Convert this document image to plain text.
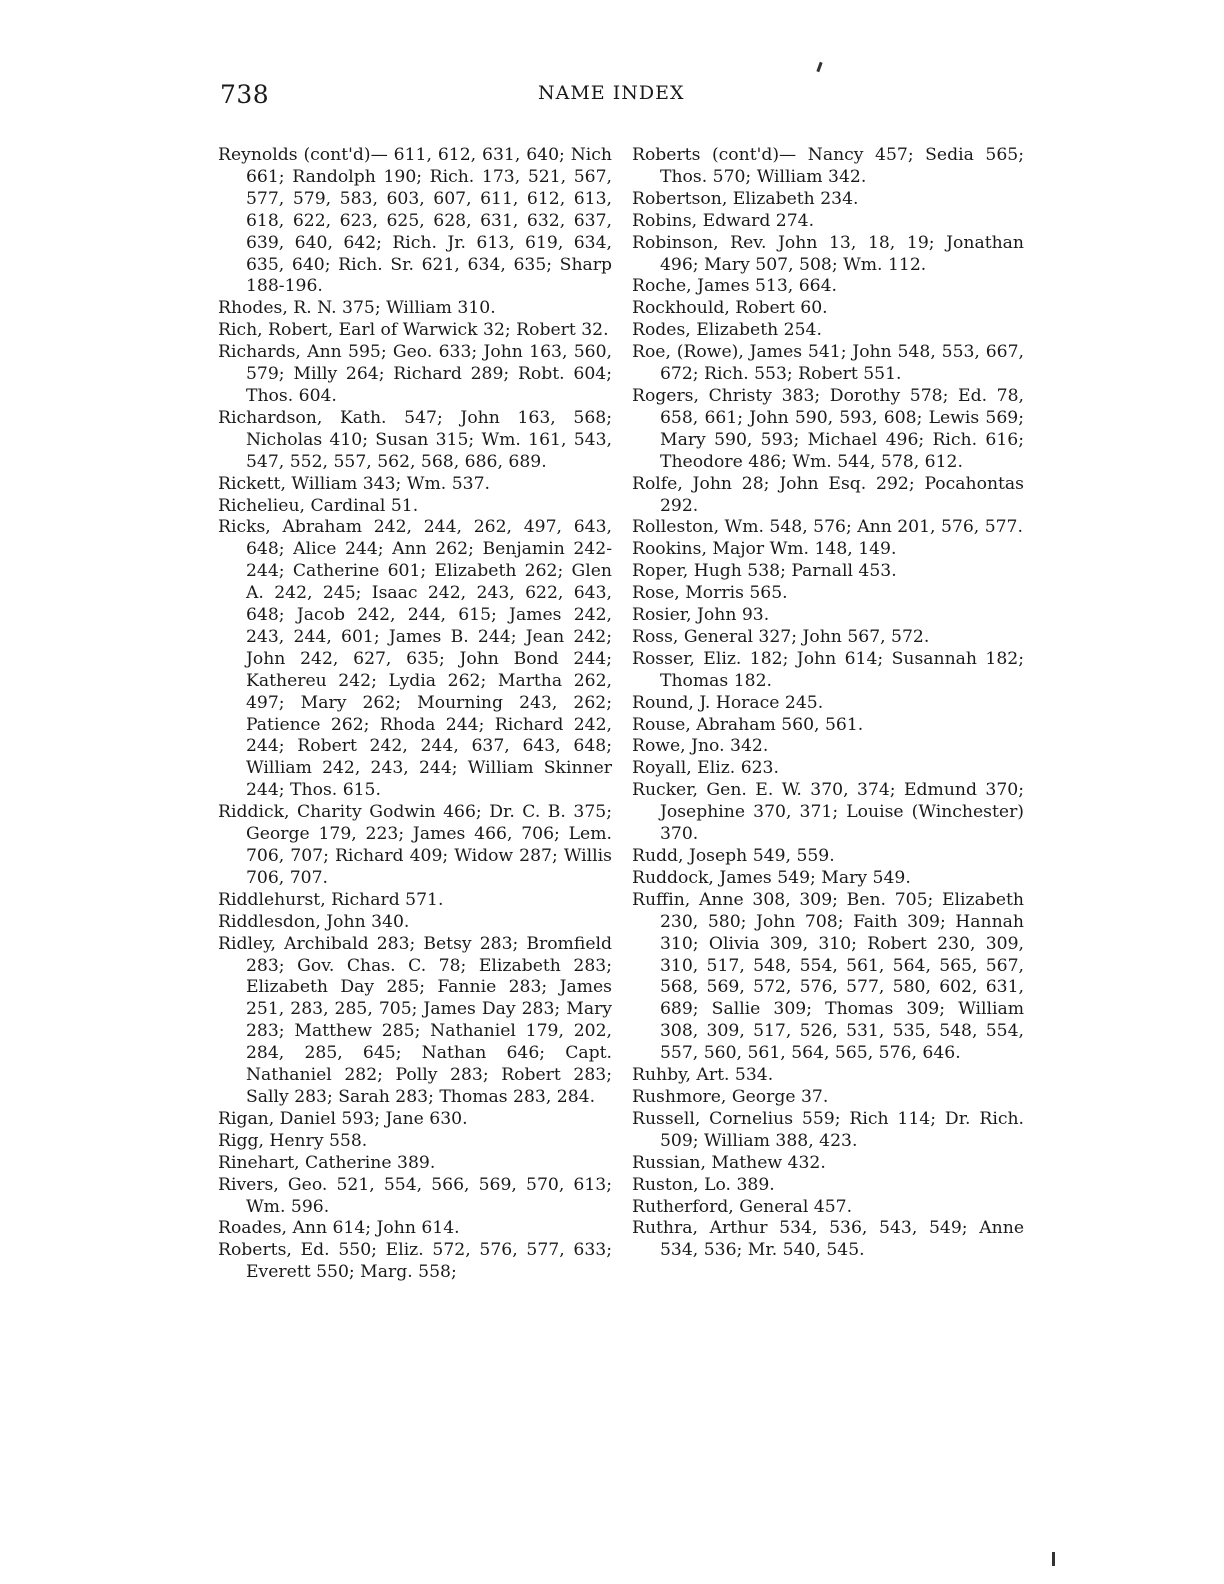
738	NAME INDEX

Reynolds (cont'd)— 611, 612, 631, 640; Nich 661; Randolph 190; Rich. 173, 521, 567, 577, 579, 583, 603, 607, 611, 612, 613, 618, 622, 623, 625, 628, 631, 632, 637, 639, 640, 642; Rich. Jr. 613, 619, 634, 635, 640; Rich. Sr. 621, 634, 635; Sharp 188-196.

Rhodes, R. N. 375; William 310.

Rich, Robert, Earl of Warwick 32; Robert 32.

Richards, Ann 595; Geo. 633; John 163, 560, 579; Milly 264; Richard 289; Robt. 604; Thos. 604.

Richardson, Kath. 547; John 163, 568; Nicholas 410; Susan 315; Wm. 161, 543, 547, 552, 557, 562, 568, 686, 689.

Rickett, William 343; Wm. 537.

Richelieu, Cardinal 51.

Ricks, Abraham 242, 244, 262, 497, 643, 648; Alice 244; Ann 262; Benjamin 242-244; Catherine 601; Elizabeth 262; Glen A. 242, 245; Isaac 242, 243, 622, 643, 648; Jacob 242, 244, 615; James 242, 243, 244, 601; James B. 244; Jean 242; John 242, 627, 635; John Bond 244; Kathereu 242; Lydia 262; Martha 262, 497; Mary 262; Mourning 243, 262; Patience 262; Rhoda 244; Richard 242, 244; Robert 242, 244, 637, 643, 648; William 242, 243, 244; William Skinner 244; Thos. 615.

Riddick, Charity Godwin 466; Dr. C. B. 375; George 179, 223; James 466, 706; Lem. 706, 707; Richard 409; Widow 287; Willis 706, 707.

Riddlehurst, Richard 571.

Riddlesdon, John 340.

Ridley, Archibald 283; Betsy 283; Bromfield 283; Gov. Chas. C. 78; Elizabeth 283; Elizabeth Day 285; Fannie 283; James 251, 283, 285, 705; James Day 283; Mary 283; Matthew 285; Nathaniel 179, 202, 284, 285, 645; Nathan 646; Capt. Nathaniel 282; Polly 283; Robert 283; Sally 283; Sarah 283; Thomas 283, 284.

Rigan, Daniel 593; Jane 630.

Rigg, Henry 558.

Rinehart, Catherine 389.

Rivers, Geo. 521, 554, 566, 569, 570, 613; Wm. 596.

Roades, Ann 614; John 614.

Roberts, Ed. 550; Eliz. 572, 576, 577, 633; Everett 550; Marg. 558;

Roberts (cont'd)— Nancy 457; Sedia 565; Thos. 570; William 342.

Robertson, Elizabeth 234.

Robins, Edward 274.

Robinson, Rev. John 13, 18, 19; Jonathan 496; Mary 507, 508; Wm. 112.

Roche, James 513, 664.

Rockhould, Robert 60.

Rodes, Elizabeth 254.

Roe, (Rowe), James 541; John 548, 553, 667, 672; Rich. 553; Robert 551.

Rogers, Christy 383; Dorothy 578; Ed. 78, 658, 661; John 590, 593, 608; Lewis 569; Mary 590, 593; Michael 496; Rich. 616; Theodore 486; Wm. 544, 578, 612.

Rolfe, John 28; John Esq. 292; Pocahontas 292.

Rolleston, Wm. 548, 576; Ann 201, 576, 577.

Rookins, Major Wm. 148, 149.

Roper, Hugh 538; Parnall 453.

Rose, Morris 565.

Rosier, John 93.

Ross, General 327; John 567, 572.

Rosser, Eliz. 182; John 614; Susannah 182; Thomas 182.

Round, J. Horace 245.

Rouse, Abraham 560, 561.

Rowe, Jno. 342.

Royall, Eliz. 623.

Rucker, Gen. E. W. 370, 374; Edmund 370; Josephine 370, 371; Louise (Winchester) 370.

Rudd, Joseph 549, 559.

Ruddock, James 549; Mary 549.

Ruffin, Anne 308, 309; Ben. 705; Elizabeth 230, 580; John 708; Faith 309; Hannah 310; Olivia 309, 310; Robert 230, 309, 310, 517, 548, 554, 561, 564, 565, 567, 568, 569, 572, 576, 577, 580, 602, 631, 689; Sallie 309; Thomas 309; William 308, 309, 517, 526, 531, 535, 548, 554, 557, 560, 561, 564, 565, 576, 646.

Ruhby, Art. 534.

Rushmore, George 37.

Russell, Cornelius 559; Rich 114; Dr. Rich. 509; William 388, 423.

Russian, Mathew 432.

Ruston, Lo. 389.

Rutherford, General 457.

Ruthra, Arthur 534, 536, 543, 549; Anne 534, 536; Mr. 540, 545.
